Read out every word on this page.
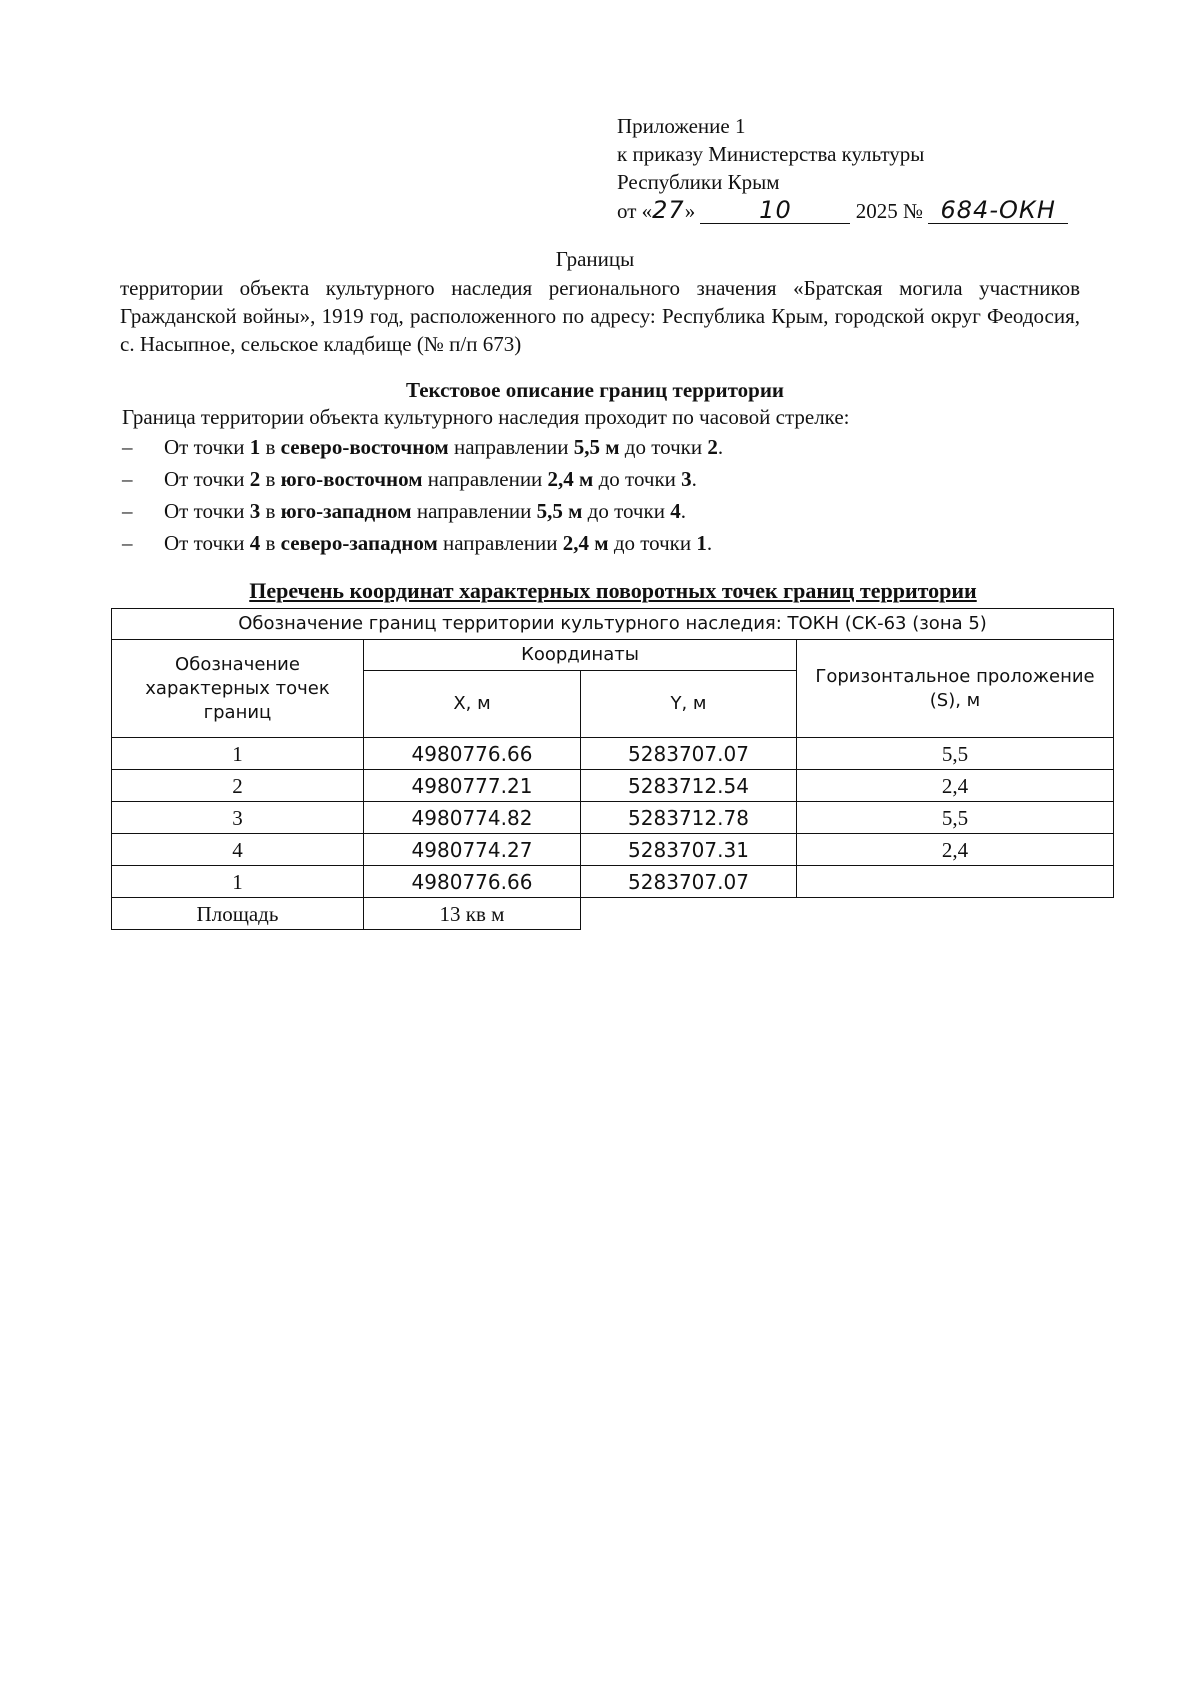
Приложение 1
к приказу Министерства культуры
Республики Крым
от «27»	10	2025 № 684-ОКН
Границы
территории объекта культурного наследия регионального значения «Братская могила участников Гражданской войны», 1919 год, расположенного по адресу: Республика Крым, городской округ Феодосия, с. Насыпное, сельское кладбище (№ п/п 673)
Текстовое описание границ территории
Граница территории объекта культурного наследия проходит по часовой стрелке:
– От точки 1 в северо-восточном направлении 5,5 м до точки 2.
– От точки 2 в юго-восточном направлении 2,4 м до точки 3.
– От точки 3 в юго-западном направлении 5,5 м до точки 4.
– От точки 4 в северо-западном направлении 2,4 м до точки 1.
Перечень координат характерных поворотных точек границ территории
Обозначение границ территории культурного наследия: ТОКН (СК-63 (зона 5)			
Обозначение характерных точек границ	Координаты		Горизонтальное проложение (S), м
	X, м	Y, м	
1	4980776.66	5283707.07	5,5
2	4980777.21	5283712.54	2,4
3	4980774.82	5283712.78	5,5
4	4980774.27	5283707.31	2,4
1	4980776.66	5283707.07	
Площадь	13 кв м		
